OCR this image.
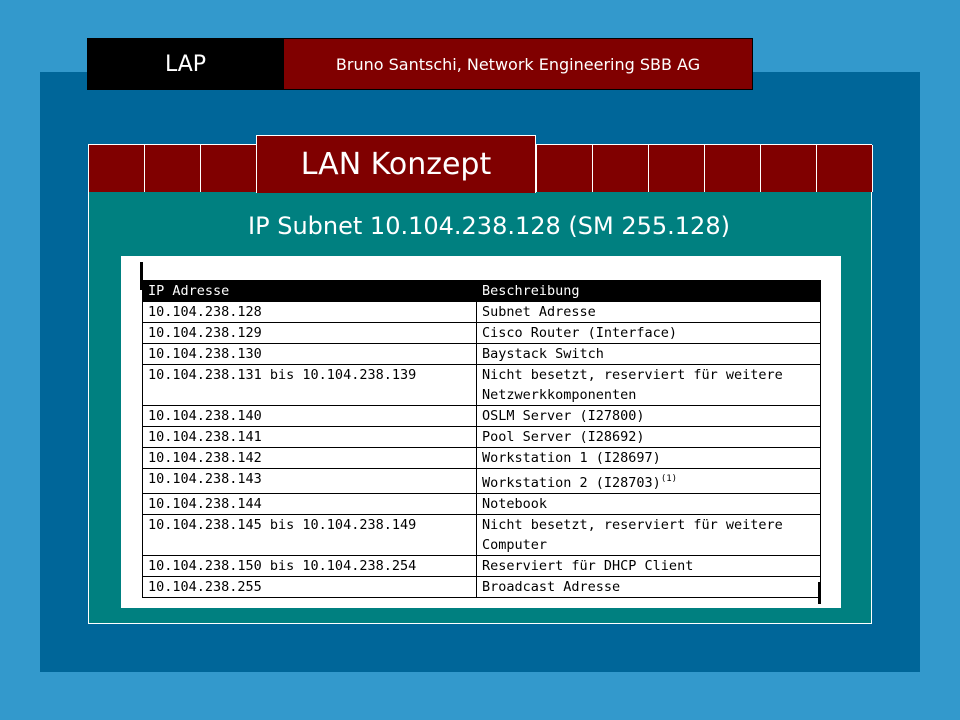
LAP	Bruno Santschi, Network Engineering SBB AG
LAN Konzept
IP Subnet 10.104.238.128 (SM 255.128)
IP Adresse	Beschreibung
10.104.238.128	Subnet Adresse
10.104.238.129	Cisco Router (Interface)
10.104.238.130	Baystack Switch
10.104.238.131 bis 10.104.238.139	Nicht besetzt, reserviert für weitere
Netzwerkkomponenten
10.104.238.140	OSLM Server (I27800)
10.104.238.141	Pool Server (I28692)
10.104.238.142	Workstation 1 (I28697)
10.104.238.143	Workstation 2 (I28703)$^{(1)}$
10.104.238.144	Notebook
10.104.238.145 bis 10.104.238.149	Nicht besetzt, reserviert für weitere
Computer
10.104.238.150 bis 10.104.238.254	Reserviert für DHCP Client
10.104.238.255	Broadcast Adresse
